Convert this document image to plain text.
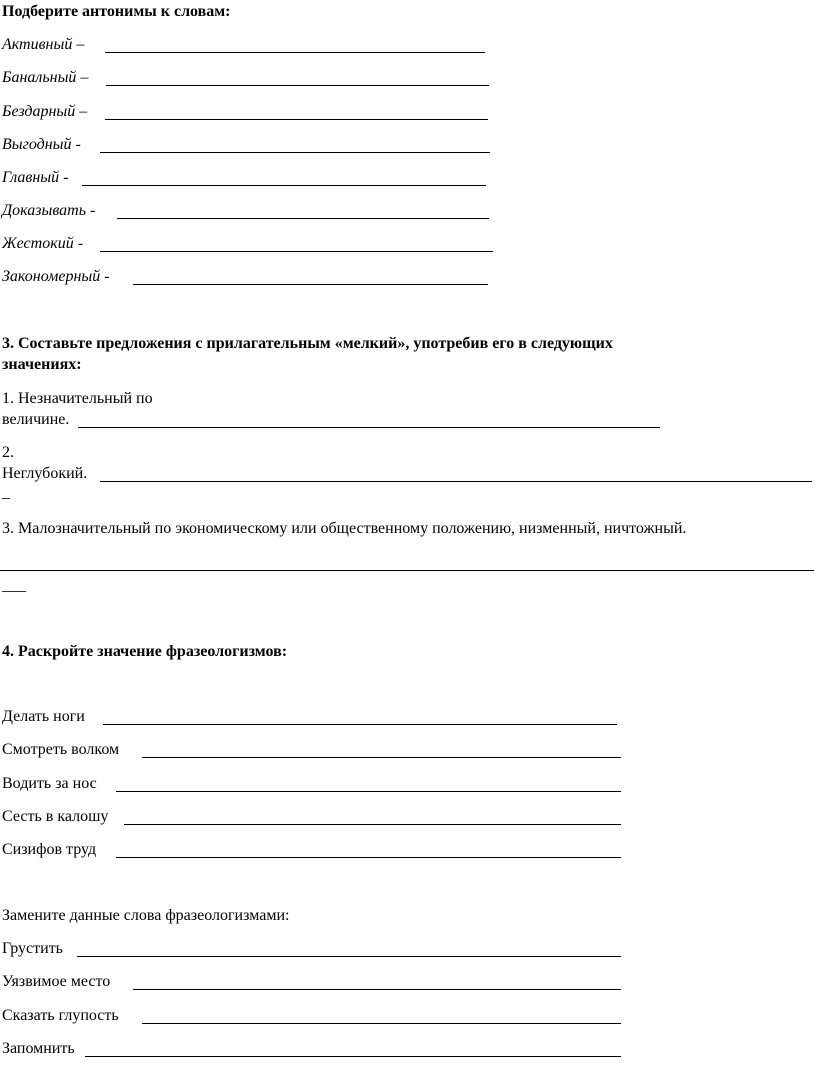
Подберите антонимы к словам:
Активный –
Банальный –
Бездарный –
Выгодный -
Главный -
Доказывать -
Жестокий -
Закономерный -
3. Составьте предложения с прилагательным «мелкий», употребив его в следующих
значениях:
1. Незначительный по
величине.
2.
Неглубокий.
_
3. Малозначительный по экономическому или общественному положению, низменный, ничтожный.
___
4. Раскройте значение фразеологизмов:
Делать ноги
Смотреть волком
Водить за нос
Сесть в калошу
Сизифов труд
Замените данные слова фразеологизмами:
Грустить
Уязвимое место
Сказать глупость
Запомнить
